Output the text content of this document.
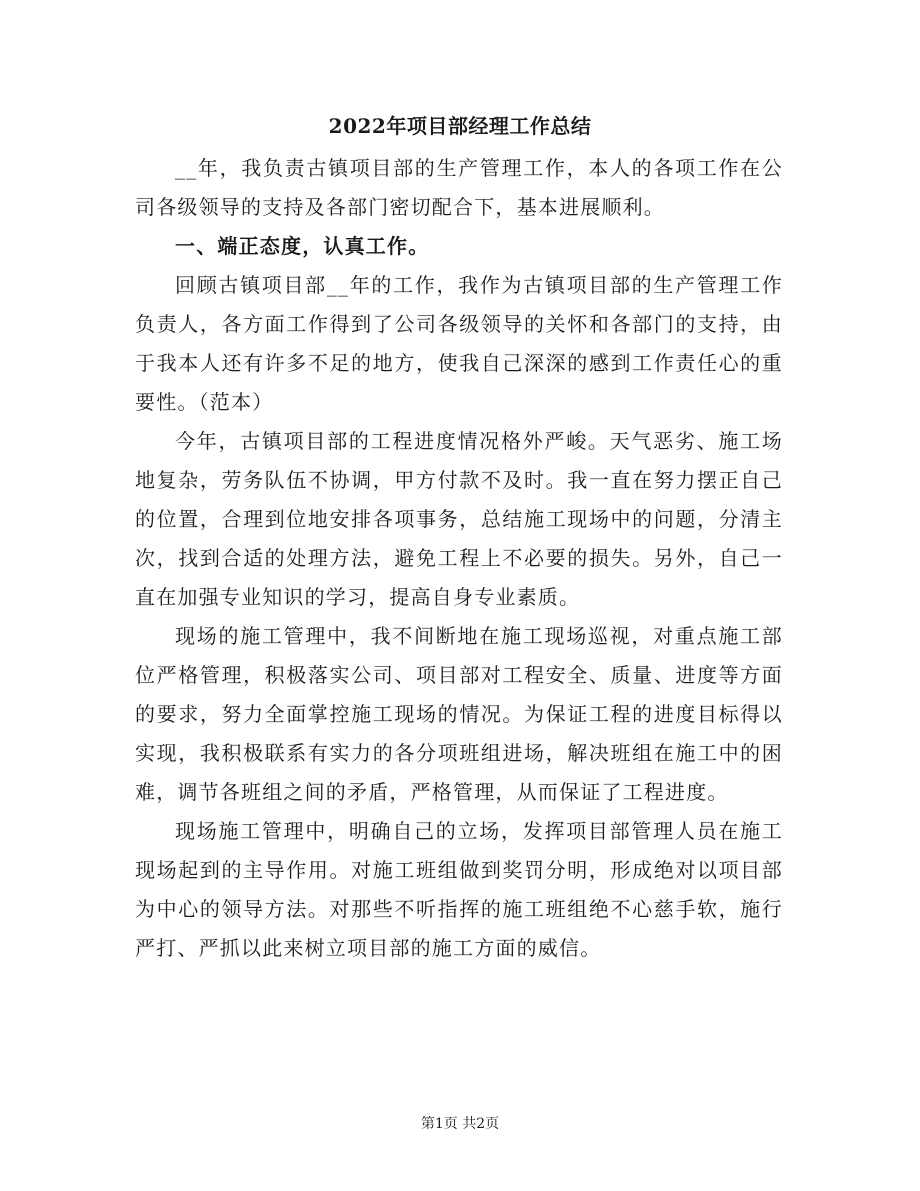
2022年项目部经理工作总结

__年，我负责古镇项目部的生产管理工作，本人的各项工作在公司各级领导的支持及各部门密切配合下，基本进展顺利。

一、端正态度，认真工作。

回顾古镇项目部__年的工作，我作为古镇项目部的生产管理工作负责人，各方面工作得到了公司各级领导的关怀和各部门的支持，由于我本人还有许多不足的地方，使我自己深深的感到工作责任心的重要性。（范本）

今年，古镇项目部的工程进度情况格外严峻。天气恶劣、施工场地复杂，劳务队伍不协调，甲方付款不及时。我一直在努力摆正自己的位置，合理到位地安排各项事务，总结施工现场中的问题，分清主次，找到合适的处理方法，避免工程上不必要的损失。另外，自己一直在加强专业知识的学习，提高自身专业素质。

现场的施工管理中，我不间断地在施工现场巡视，对重点施工部位严格管理，积极落实公司、项目部对工程安全、质量、进度等方面的要求，努力全面掌控施工现场的情况。为保证工程的进度目标得以实现，我积极联系有实力的各分项班组进场，解决班组在施工中的困难，调节各班组之间的矛盾，严格管理，从而保证了工程进度。

现场施工管理中，明确自己的立场，发挥项目部管理人员在施工现场起到的主导作用。对施工班组做到奖罚分明，形成绝对以项目部为中心的领导方法。对那些不听指挥的施工班组绝不心慈手软，施行严打、严抓以此来树立项目部的施工方面的威信。

第1页 共2页
